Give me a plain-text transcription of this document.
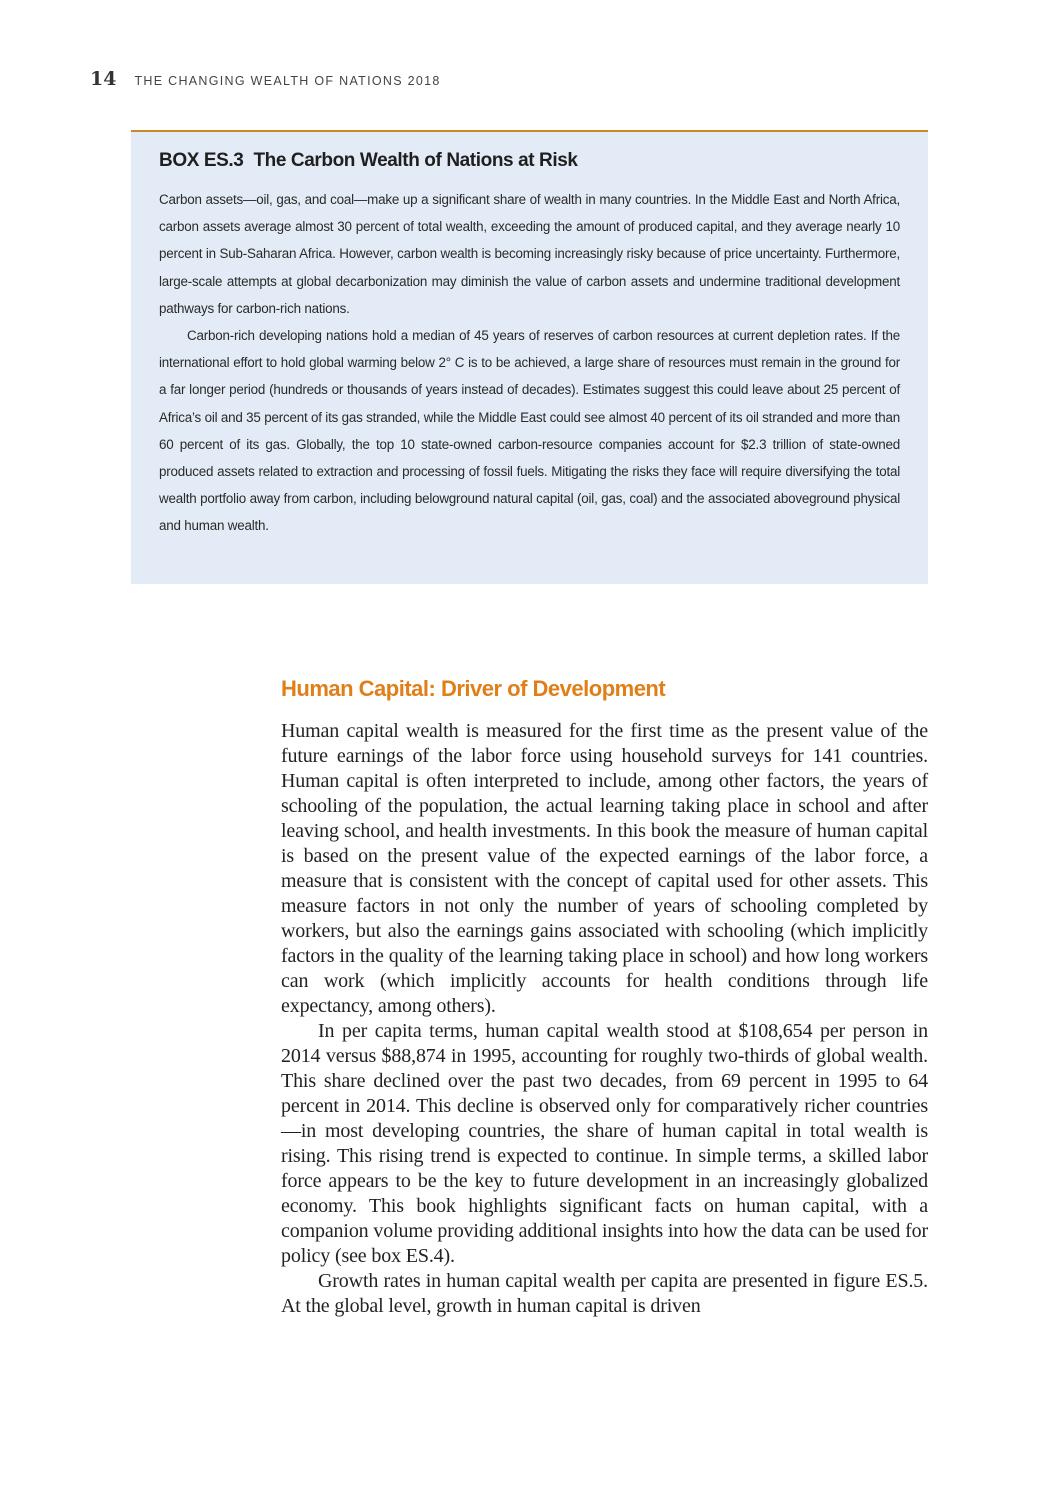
14 THE CHANGING WEALTH OF NATIONS 2018
BOX ES.3 The Carbon Wealth of Nations at Risk

Carbon assets—oil, gas, and coal—make up a significant share of wealth in many countries. In the Middle East and North Africa, carbon assets average almost 30 percent of total wealth, exceeding the amount of produced capital, and they average nearly 10 percent in Sub-Saharan Africa. However, carbon wealth is becoming increasingly risky because of price uncertainty. Furthermore, large-scale attempts at global decarbonization may diminish the value of carbon assets and undermine traditional development pathways for carbon-rich nations.

Carbon-rich developing nations hold a median of 45 years of reserves of carbon resources at current depletion rates. If the international effort to hold global warming below 2° C is to be achieved, a large share of resources must remain in the ground for a far longer period (hundreds or thousands of years instead of decades). Estimates suggest this could leave about 25 percent of Africa’s oil and 35 percent of its gas stranded, while the Middle East could see almost 40 percent of its oil stranded and more than 60 percent of its gas. Globally, the top 10 state-owned carbon-resource companies account for $2.3 trillion of state-owned produced assets related to extraction and processing of fossil fuels. Mitigating the risks they face will require diversifying the total wealth portfolio away from carbon, including belowground natural capital (oil, gas, coal) and the associated aboveground physical and human wealth.

Human Capital: Driver of Development

Human capital wealth is measured for the first time as the present value of the future earnings of the labor force using household surveys for 141 countries. Human capital is often interpreted to include, among other factors, the years of schooling of the population, the actual learning taking place in school and after leaving school, and health investments. In this book the measure of human capital is based on the present value of the expected earnings of the labor force, a measure that is consistent with the concept of capital used for other assets. This measure factors in not only the number of years of schooling completed by workers, but also the earnings gains associated with schooling (which implicitly factors in the quality of the learning taking place in school) and how long workers can work (which implicitly accounts for health conditions through life expectancy, among others).

In per capita terms, human capital wealth stood at $108,654 per person in 2014 versus $88,874 in 1995, accounting for roughly two-thirds of global wealth. This share declined over the past two decades, from 69 percent in 1995 to 64 percent in 2014. This decline is observed only for comparatively richer countries—in most developing countries, the share of human capital in total wealth is rising. This rising trend is expected to continue. In simple terms, a skilled labor force appears to be the key to future development in an increasingly globalized economy. This book highlights significant facts on human capital, with a companion volume providing additional insights into how the data can be used for policy (see box ES.4).

Growth rates in human capital wealth per capita are presented in figure ES.5. At the global level, growth in human capital is driven
